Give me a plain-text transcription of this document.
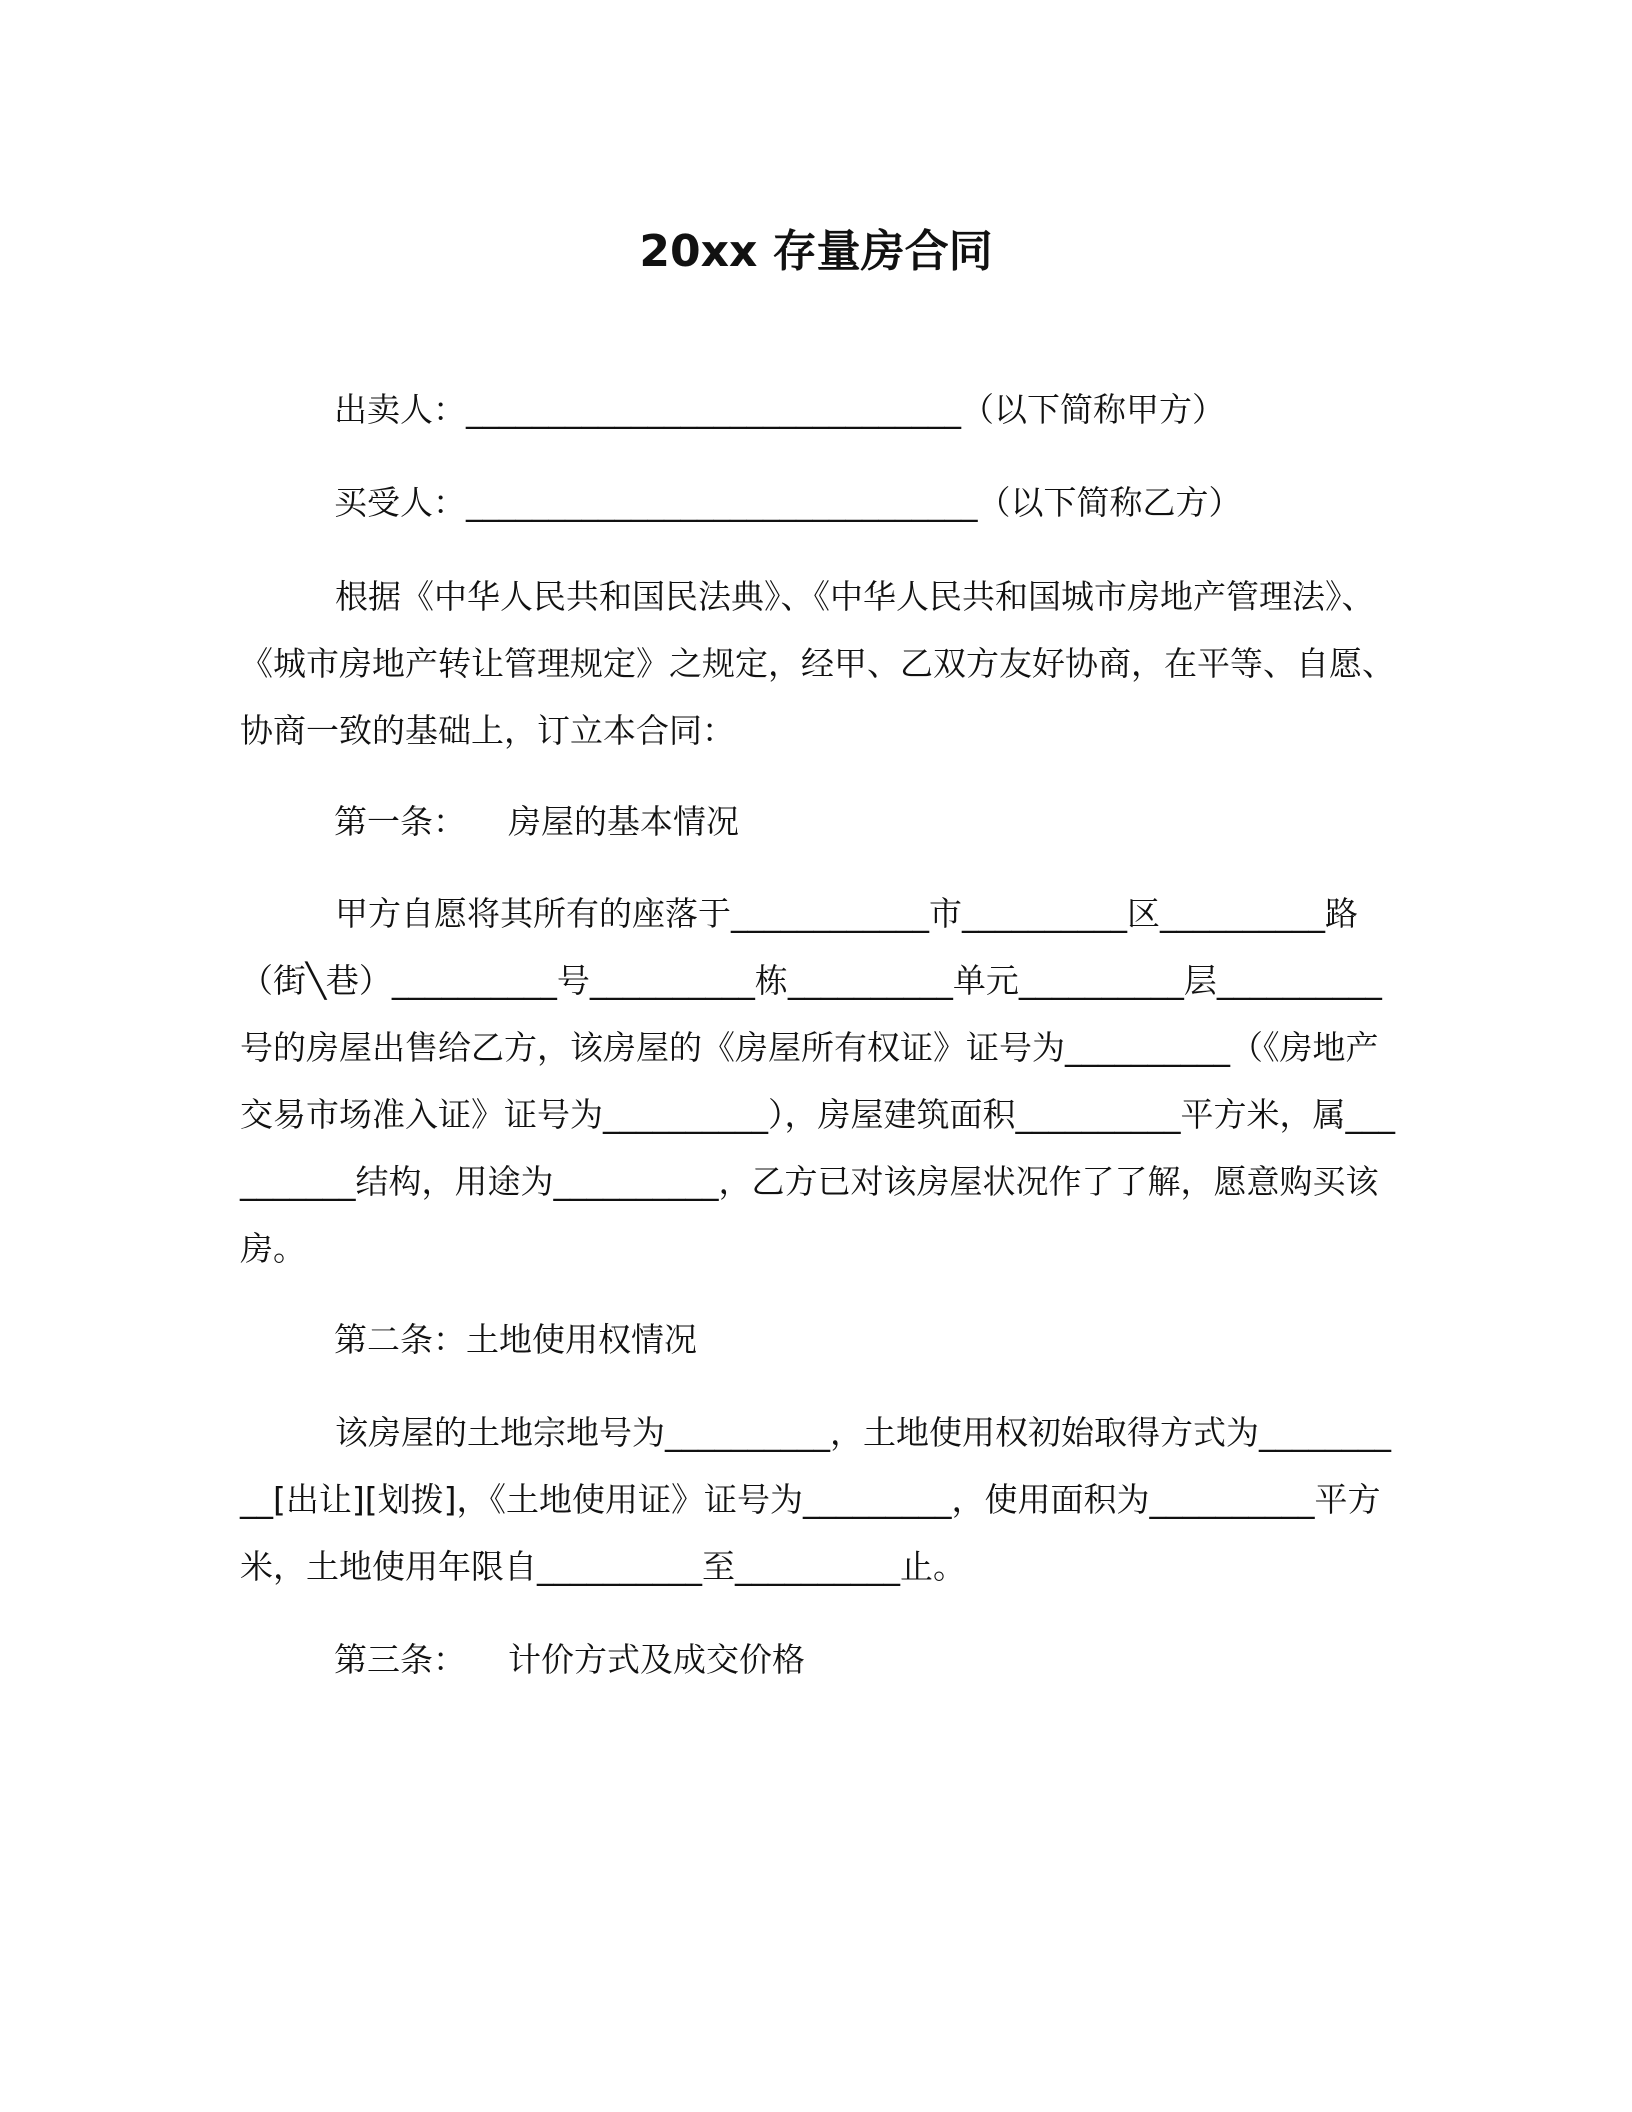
20xx 存量房合同
出卖人：______________________________（以下简称甲方）
买受人：_______________________________（以下简称乙方）
根据《中华人民共和国民法典》、《中华人民共和国城市房地产管理法》、《城市房地产转让管理规定》之规定，经甲、乙双方友好协商，在平等、自愿、协商一致的基础上，订立本合同：
第一条：    房屋的基本情况
甲方自愿将其所有的座落于____________市__________区__________路（街╲巷）__________号__________栋__________单元__________层__________号的房屋出售给乙方，该房屋的《房屋所有权证》证号为__________（《房地产交易市场准入证》证号为__________），房屋建筑面积__________平方米，属__________结构，用途为__________，乙方已对该房屋状况作了了解，愿意购买该房。
第二条：土地使用权情况
该房屋的土地宗地号为__________，土地使用权初始取得方式为__________[出让][划拨]，《土地使用证》证号为_________，使用面积为__________平方米，土地使用年限自__________至__________止。
第三条：    计价方式及成交价格
